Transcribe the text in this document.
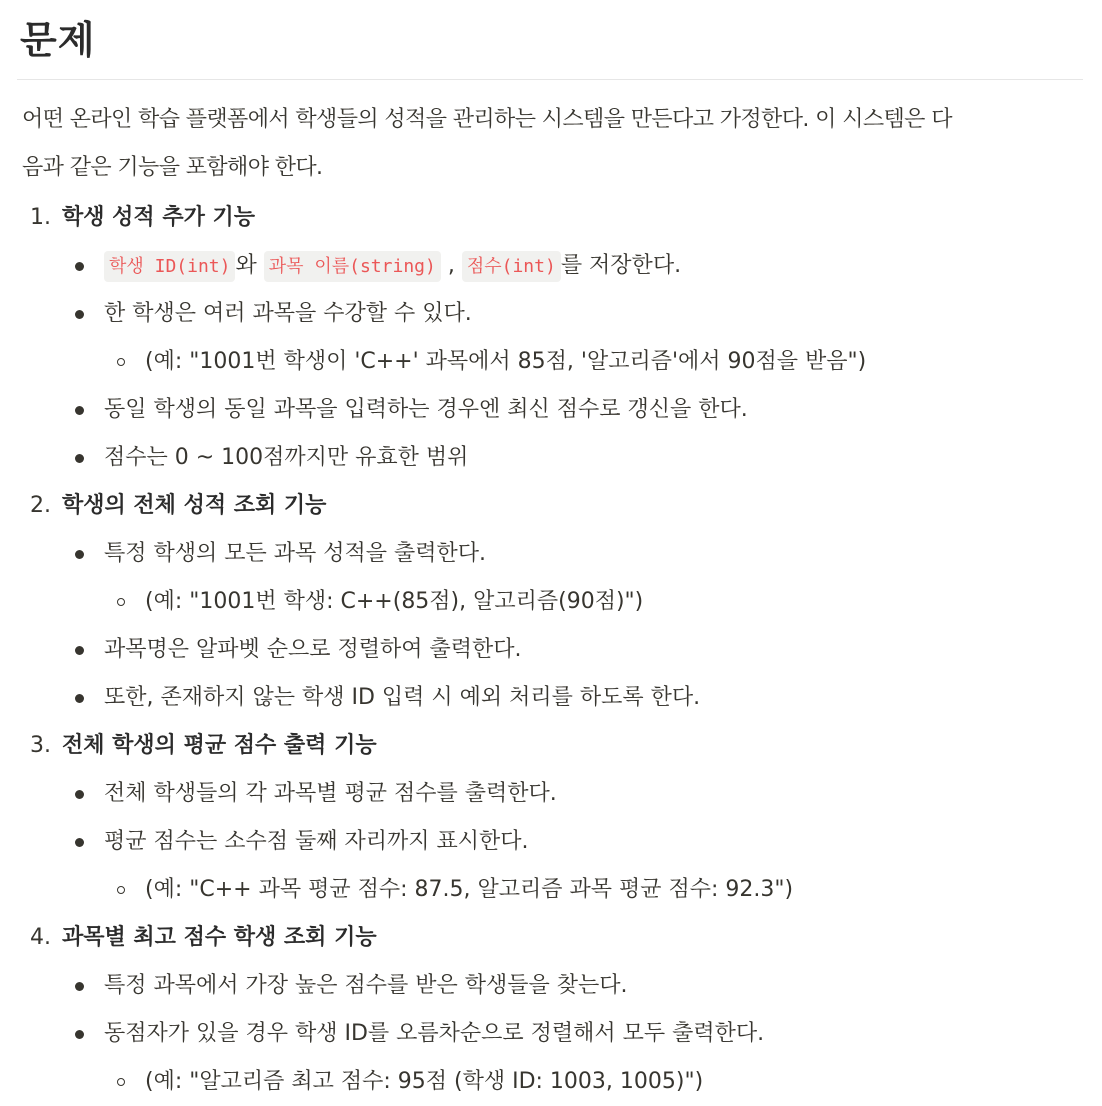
문제

어떤 온라인 학습 플랫폼에서 학생들의 성적을 관리하는 시스템을 만든다고 가정한다. 이 시스템은 다

음과 같은 기능을 포함해야 한다.

1. 학생 성적 추가 기능
학생 ID(int) 와 과목 이름(string) , 점수(int) 를 저장한다.
한 학생은 여러 과목을 수강할 수 있다.
(예: "1001번 학생이 'C++' 과목에서 85점, '알고리즘'에서 90점을 받음")
동일 학생의 동일 과목을 입력하는 경우엔 최신 점수로 갱신을 한다.
점수는 0 ~ 100점까지만 유효한 범위
2. 학생의 전체 성적 조회 기능
특정 학생의 모든 과목 성적을 출력한다.
(예: "1001번 학생: C++(85점), 알고리즘(90점)")
과목명은 알파벳 순으로 정렬하여 출력한다.
또한, 존재하지 않는 학생 ID 입력 시 예외 처리를 하도록 한다.
3. 전체 학생의 평균 점수 출력 기능
전체 학생들의 각 과목별 평균 점수를 출력한다.
평균 점수는 소수점 둘째 자리까지 표시한다.
(예: "C++ 과목 평균 점수: 87.5, 알고리즘 과목 평균 점수: 92.3")
4. 과목별 최고 점수 학생 조회 기능
특정 과목에서 가장 높은 점수를 받은 학생들을 찾는다.
동점자가 있을 경우 학생 ID를 오름차순으로 정렬해서 모두 출력한다.
(예: "알고리즘 최고 점수: 95점 (학생 ID: 1003, 1005)")
